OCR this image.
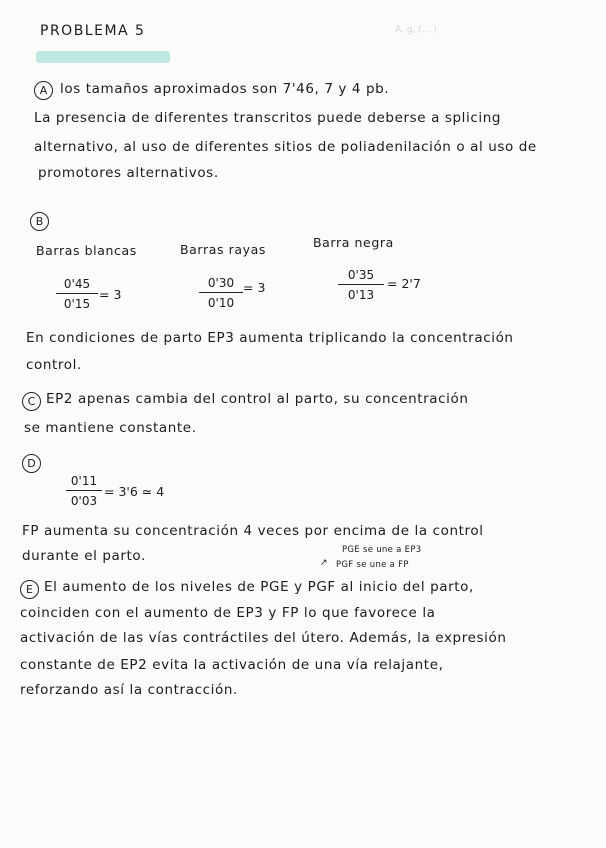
PROBLEMA 5	A, g, (... )
A los tamaños aproximados son 7'46, 7 y 4 pb.
La presencia de diferentes transcritos puede deberse a splicing
alternativo, al uso de diferentes sitios de poliadenilación o al uso de
promotores alternativos.
B
Barras blancas	Barras rayas	Barra negra
$\frac{0'45}{0'15} = 3$	$\frac{0'30}{0'10} = 3$	$\frac{0'35}{0'13} = 2'7$
En condiciones de parto EP3 aumenta triplicando la concentración
control.
C EP2 apenas cambia del control al parto, su concentración
se mantiene constante.
D
$\frac{0'11}{0'03} = 3'6$ ≃ 4
FP aumenta su concentración 4 veces por encima de la control
durante el parto.	PGE se une a EP3
↗ PGF se une a FP
E El aumento de los niveles de PGE y PGF al inicio del parto,
coinciden con el aumento de EP3 y FP lo que favorece la
activación de las vías contráctiles del útero. Además, la expresión
constante de EP2 evita la activación de una vía relajante,
reforzando así la contracción.
